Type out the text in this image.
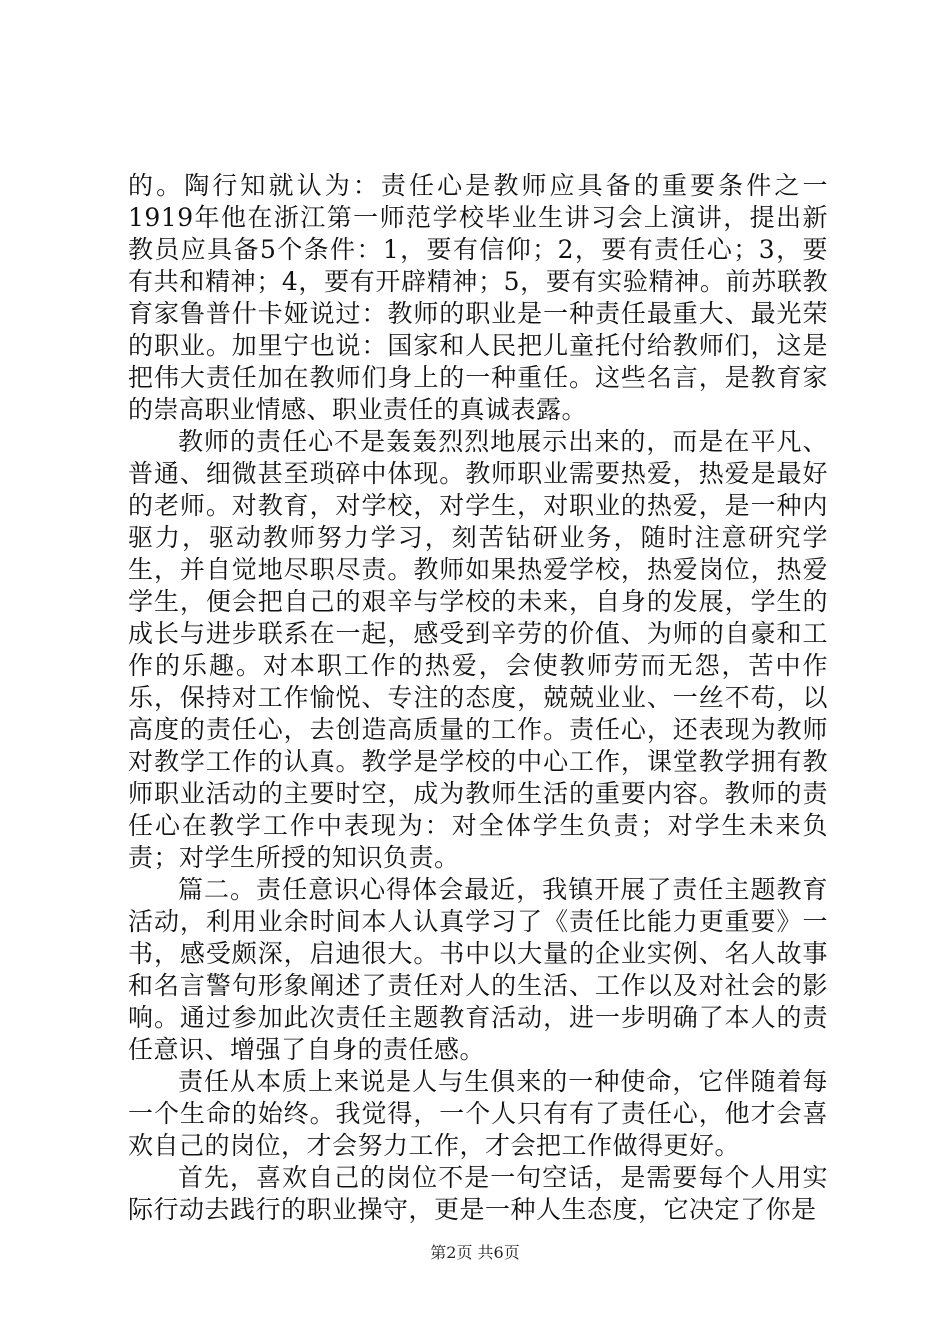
的。陶行知就认为：责任心是教师应具备的重要条件之一1919年他在浙江第一师范学校毕业生讲习会上演讲，提出新教员应具备5个条件：1，要有信仰；2，要有责任心；3，要有共和精神；4，要有开辟精神；5，要有实验精神。前苏联教育家鲁普什卡娅说过：教师的职业是一种责任最重大、最光荣的职业。加里宁也说：国家和人民把儿童托付给教师们，这是把伟大责任加在教师们身上的一种重任。这些名言，是教育家的崇高职业情感、职业责任的真诚表露。

教师的责任心不是轰轰烈烈地展示出来的，而是在平凡、普通、细微甚至琐碎中体现。教师职业需要热爱，热爱是最好的老师。对教育，对学校，对学生，对职业的热爱，是一种内驱力，驱动教师努力学习，刻苦钻研业务，随时注意研究学生，并自觉地尽职尽责。教师如果热爱学校，热爱岗位，热爱学生，便会把自己的艰辛与学校的未来，自身的发展，学生的成长与进步联系在一起，感受到辛劳的价值、为师的自豪和工作的乐趣。对本职工作的热爱，会使教师劳而无怨，苦中作乐，保持对工作愉悦、专注的态度，兢兢业业、一丝不苟，以高度的责任心，去创造高质量的工作。责任心，还表现为教师对教学工作的认真。教学是学校的中心工作，课堂教学拥有教师职业活动的主要时空，成为教师生活的重要内容。教师的责任心在教学工作中表现为：对全体学生负责；对学生未来负责；对学生所授的知识负责。

篇二。责任意识心得体会最近，我镇开展了责任主题教育活动，利用业余时间本人认真学习了《责任比能力更重要》一书，感受颇深，启迪很大。书中以大量的企业实例、名人故事和名言警句形象阐述了责任对人的生活、工作以及对社会的影响。通过参加此次责任主题教育活动，进一步明确了本人的责任意识、增强了自身的责任感。

责任从本质上来说是人与生俱来的一种使命，它伴随着每一个生命的始终。我觉得，一个人只有有了责任心，他才会喜欢自己的岗位，才会努力工作，才会把工作做得更好。

首先，喜欢自己的岗位不是一句空话，是需要每个人用实际行动去践行的职业操守，更是一种人生态度，它决定了你是

第2页 共6页
